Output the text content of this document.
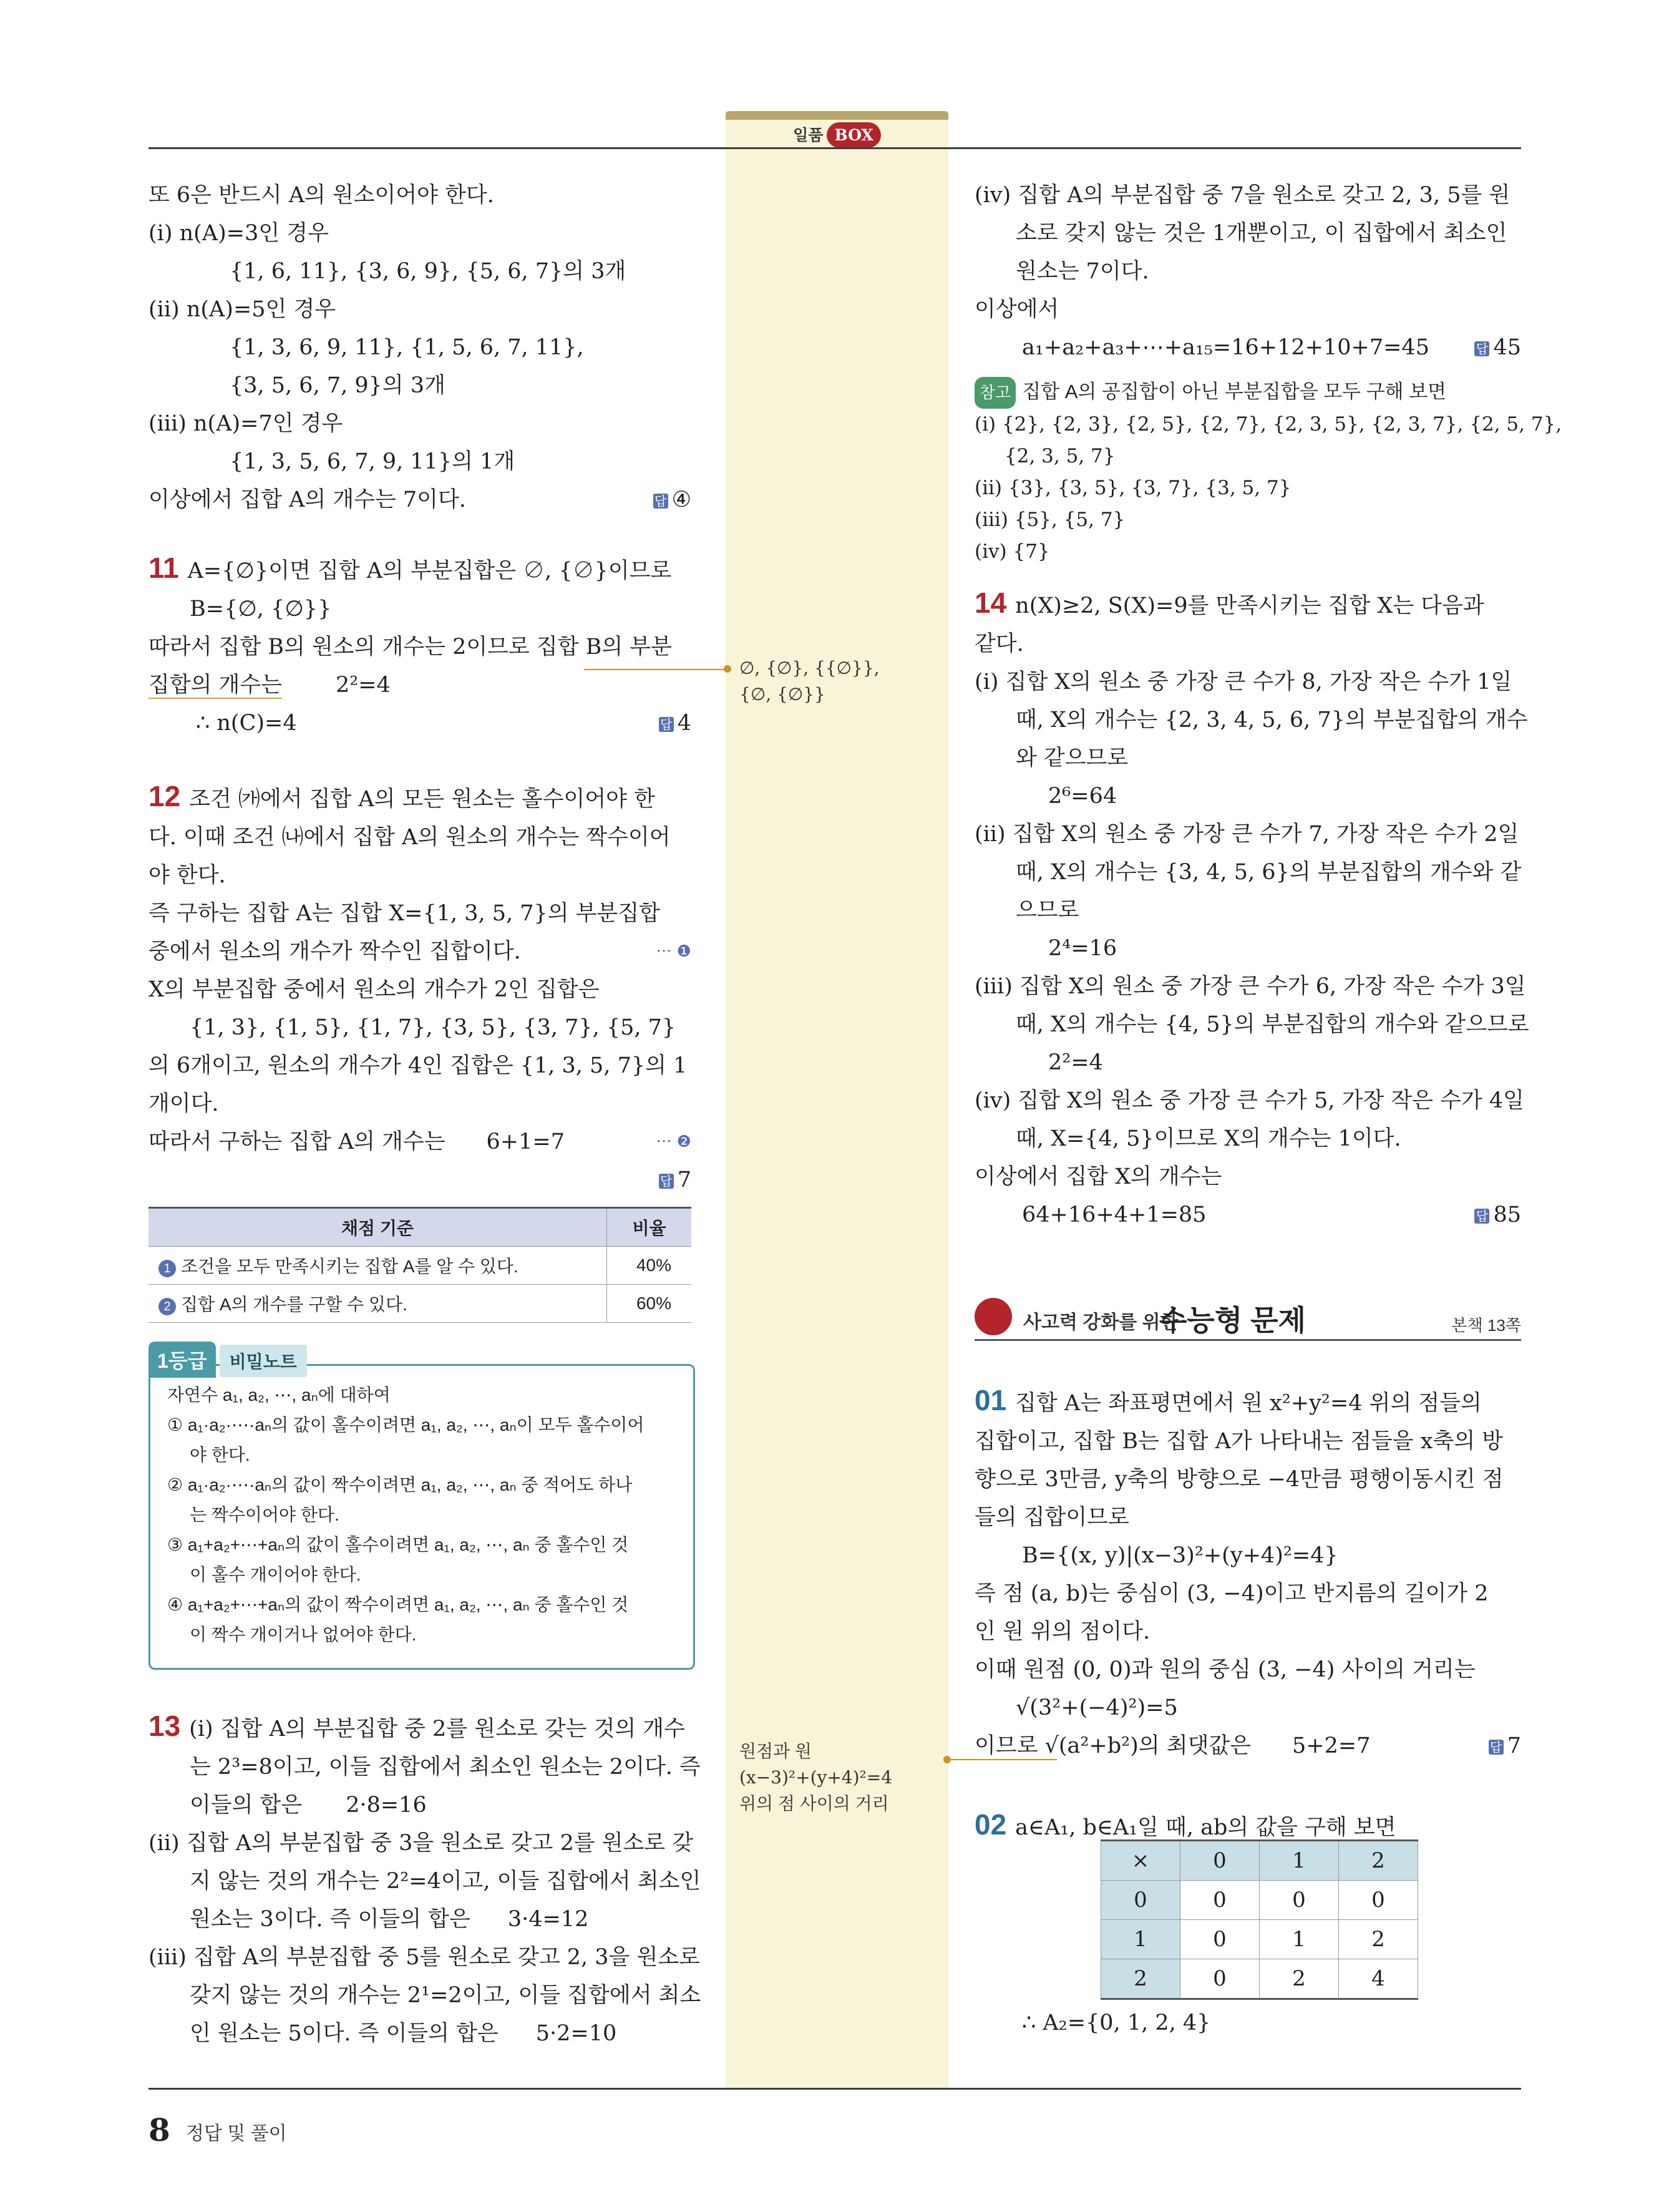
일품 BOX
또 6은 반드시 A의 원소이어야 한다.
(ⅰ) n(A)=3인 경우
{1, 6, 11}, {3, 6, 9}, {5, 6, 7}의 3개
(ⅱ) n(A)=5인 경우
{1, 3, 6, 9, 11}, {1, 5, 6, 7, 11},
{3, 5, 6, 7, 9}의 3개
(ⅲ) n(A)=7인 경우
{1, 3, 5, 6, 7, 9, 11}의 1개
이상에서 집합 A의 개수는 7이다.	답 ④
11 A={∅}이면 집합 A의 부분집합은 ∅, {∅}이므로
B={∅, {∅}}
따라서 집합 B의 원소의 개수는 2이므로 집합 B의 부분
집합의 개수는 2²=4
∴ n(C)=4	답 4
12 조건 ㈎에서 집합 A의 모든 원소는 홀수이어야 한
다. 이때 조건 ㈏에서 집합 A의 원소의 개수는 짝수이어
야 한다.
즉 구하는 집합 A는 집합 X={1, 3, 5, 7}의 부분집합
중에서 원소의 개수가 짝수인 집합이다.	··· ❶
X의 부분집합 중에서 원소의 개수가 2인 집합은
{1, 3}, {1, 5}, {1, 7}, {3, 5}, {3, 7}, {5, 7}
의 6개이고, 원소의 개수가 4인 집합은 {1, 3, 5, 7}의 1
개이다.
따라서 구하는 집합 A의 개수는 6+1=7	··· ❷
답 7
채점 기준	비율
1 조건을 모두 만족시키는 집합 A를 알 수 있다.	40%
2 집합 A의 개수를 구할 수 있다.	60%
1등급 비밀노트
자연수 a₁, a₂, ⋯, aₙ에 대하여
① a₁·a₂·⋯·aₙ의 값이 홀수이려면 a₁, a₂, ⋯, aₙ이 모두 홀수이어
야 한다.
② a₁·a₂·⋯·aₙ의 값이 짝수이려면 a₁, a₂, ⋯, aₙ 중 적어도 하나
는 짝수이어야 한다.
③ a₁+a₂+⋯+aₙ의 값이 홀수이려면 a₁, a₂, ⋯, aₙ 중 홀수인 것
이 홀수 개이어야 한다.
④ a₁+a₂+⋯+aₙ의 값이 짝수이려면 a₁, a₂, ⋯, aₙ 중 홀수인 것
이 짝수 개이거나 없어야 한다.
13 (ⅰ) 집합 A의 부분집합 중 2를 원소로 갖는 것의 개수
는 2³=8이고, 이들 집합에서 최소인 원소는 2이다. 즉
이들의 합은 2·8=16
(ⅱ) 집합 A의 부분집합 중 3을 원소로 갖고 2를 원소로 갖
지 않는 것의 개수는 2²=4이고, 이들 집합에서 최소인
원소는 3이다. 즉 이들의 합은 3·4=12
(ⅲ) 집합 A의 부분집합 중 5를 원소로 갖고 2, 3을 원소로
갖지 않는 것의 개수는 2¹=2이고, 이들 집합에서 최소
인 원소는 5이다. 즉 이들의 합은 5·2=10
∅, {∅}, {{∅}},
{∅, {∅}}
원점과 원
(x−3)²+(y+4)²=4
위의 점 사이의 거리
(ⅳ) 집합 A의 부분집합 중 7을 원소로 갖고 2, 3, 5를 원
소로 갖지 않는 것은 1개뿐이고, 이 집합에서 최소인
원소는 7이다.
이상에서
a₁+a₂+a₃+⋯+a₁₅=16+12+10+7=45	답 45
참고 집합 A의 공집합이 아닌 부분집합을 모두 구해 보면
(ⅰ) {2}, {2, 3}, {2, 5}, {2, 7}, {2, 3, 5}, {2, 3, 7}, {2, 5, 7},
{2, 3, 5, 7}
(ⅱ) {3}, {3, 5}, {3, 7}, {3, 5, 7}
(ⅲ) {5}, {5, 7}
(ⅳ) {7}
14 n(X)≥2, S(X)=9를 만족시키는 집합 X는 다음과
같다.
(ⅰ) 집합 X의 원소 중 가장 큰 수가 8, 가장 작은 수가 1일
때, X의 개수는 {2, 3, 4, 5, 6, 7}의 부분집합의 개수
와 같으므로
2⁶=64
(ⅱ) 집합 X의 원소 중 가장 큰 수가 7, 가장 작은 수가 2일
때, X의 개수는 {3, 4, 5, 6}의 부분집합의 개수와 같
으므로
2⁴=16
(ⅲ) 집합 X의 원소 중 가장 큰 수가 6, 가장 작은 수가 3일
때, X의 개수는 {4, 5}의 부분집합의 개수와 같으므로
2²=4
(ⅳ) 집합 X의 원소 중 가장 큰 수가 5, 가장 작은 수가 4일
때, X={4, 5}이므로 X의 개수는 1이다.
이상에서 집합 X의 개수는
64+16+4+1=85	답 85
사고력 강화를 위한
수능형 문제	본책 13쪽
01 집합 A는 좌표평면에서 원 x²+y²=4 위의 점들의
집합이고, 집합 B는 집합 A가 나타내는 점들을 x축의 방
향으로 3만큼, y축의 방향으로 −4만큼 평행이동시킨 점
들의 집합이므로
B={(x, y)|(x−3)²+(y+4)²=4}
즉 점 (a, b)는 중심이 (3, −4)이고 반지름의 길이가 2
인 원 위의 점이다.
이때 원점 (0, 0)과 원의 중심 (3, −4) 사이의 거리는
√(3²+(−4)²)=5
이므로 √(a²+b²)의 최댓값은 5+2=7	답 7
02 a∈A₁, b∈A₁일 때, ab의 값을 구해 보면
×	0	1	2
0	0	0	0
1	0	1	2
2	0	2	4
∴ A₂={0, 1, 2, 4}
8 정답 및 풀이
